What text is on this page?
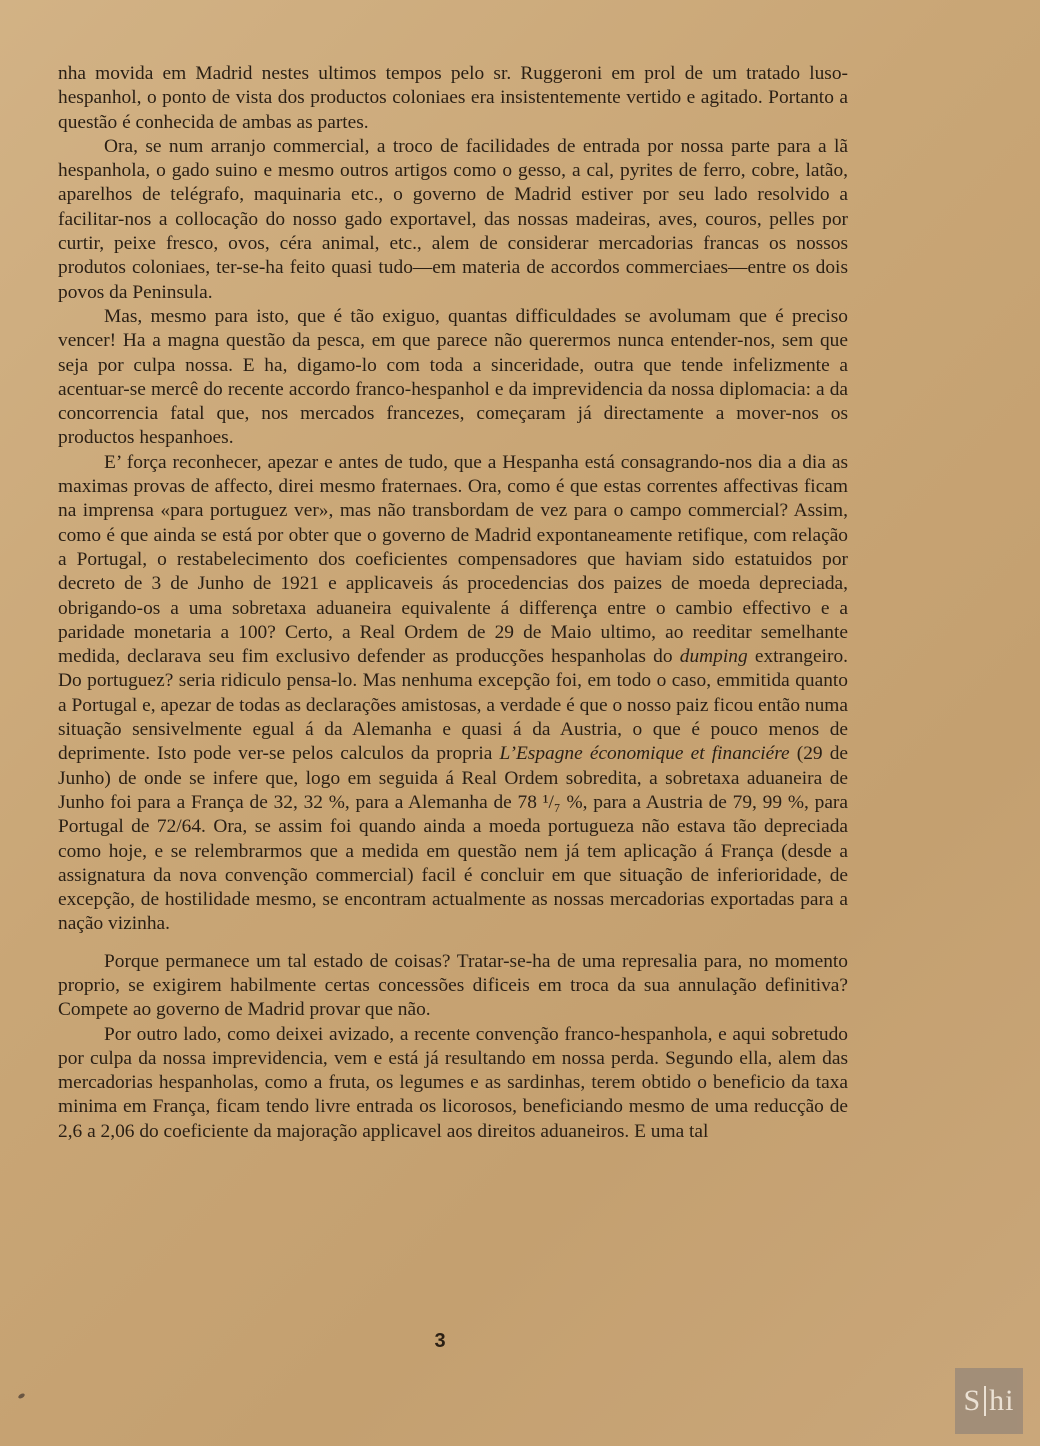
nha movida em Madrid nestes ultimos tempos pelo sr. Ruggeroni em prol de um tratado luso-hespanhol, o ponto de vista dos productos coloniaes era insistentemente vertido e agitado. Portanto a questão é conhecida de ambas as partes.

Ora, se num arranjo commercial, a troco de facilidades de entrada por nossa parte para a lã hespanhola, o gado suino e mesmo outros artigos como o gesso, a cal, pyrites de ferro, cobre, latão, aparelhos de telégrafo, maquinaria etc., o governo de Madrid estiver por seu lado resolvido a facilitar-nos a collocação do nosso gado exportavel, das nossas madeiras, aves, couros, pelles por curtir, peixe fresco, ovos, céra animal, etc., alem de considerar mercadorias francas os nossos produtos coloniaes, ter-se-ha feito quasi tudo—em materia de accordos commerciaes—entre os dois povos da Peninsula.

Mas, mesmo para isto, que é tão exiguo, quantas difficuldades se avolumam que é preciso vencer! Ha a magna questão da pesca, em que parece não querermos nunca entender-nos, sem que seja por culpa nossa. E ha, digamo-lo com toda a sinceridade, outra que tende infelizmente a acentuar-se mercê do recente accordo franco-hespanhol e da imprevidencia da nossa diplomacia: a da concorrencia fatal que, nos mercados francezes, começaram já directamente a mover-nos os productos hespanhoes.

E’ força reconhecer, apezar e antes de tudo, que a Hespanha está consagrando-nos dia a dia as maximas provas de affecto, direi mesmo fraternaes. Ora, como é que estas correntes affectivas ficam na imprensa «para portuguez ver», mas não transbordam de vez para o campo commercial? Assim, como é que ainda se está por obter que o governo de Madrid expontaneamente retifique, com relação a Portugal, o restabelecimento dos coeficientes compensadores que haviam sido estatuidos por decreto de 3 de Junho de 1921 e applicaveis ás procedencias dos paizes de moeda depreciada, obrigando-os a uma sobretaxa aduaneira equivalente á differença entre o cambio effectivo e a paridade monetaria a 100? Certo, a Real Ordem de 29 de Maio ultimo, ao reeditar semelhante medida, declarava seu fim exclusivo defender as producções hespanholas do dumping extrangeiro. Do portuguez? seria ridiculo pensa-lo. Mas nenhuma excepção foi, em todo o caso, emmitida quanto a Portugal e, apezar de todas as declarações amistosas, a verdade é que o nosso paiz ficou então numa situação sensivelmente egual á da Alemanha e quasi á da Austria, o que é pouco menos de deprimente. Isto pode ver-se pelos calculos da propria L’Espagne économique et financiére (29 de Junho) de onde se infere que, logo em seguida á Real Ordem sobredita, a sobretaxa aduaneira de Junho foi para a França de 32, 32 %, para a Alemanha de 78 ¹/₇ %, para a Austria de 79, 99 %, para Portugal de 72/64. Ora, se assim foi quando ainda a moeda portugueza não estava tão depreciada como hoje, e se relembrarmos que a medida em questão nem já tem aplicação á França (desde a assignatura da nova convenção commercial) facil é concluir em que situação de inferioridade, de excepção, de hostilidade mesmo, se encontram actualmente as nossas mercadorias exportadas para a nação vizinha.

Porque permanece um tal estado de coisas? Tratar-se-ha de uma represalia para, no momento proprio, se exigirem habilmente certas concessões dificeis em troca da sua annulação definitiva? Compete ao governo de Madrid provar que não.

Por outro lado, como deixei avizado, a recente convenção franco-hespanhola, e aqui sobretudo por culpa da nossa imprevidencia, vem e está já resultando em nossa perda. Segundo ella, alem das mercadorias hespanholas, como a fruta, os legumes e as sardinhas, terem obtido o beneficio da taxa minima em França, ficam tendo livre entrada os licorosos, beneficiando mesmo de uma reducção de 2,6 a 2,06 do coeficiente da majoração applicavel aos direitos aduaneiros. E uma tal

3
S hi
